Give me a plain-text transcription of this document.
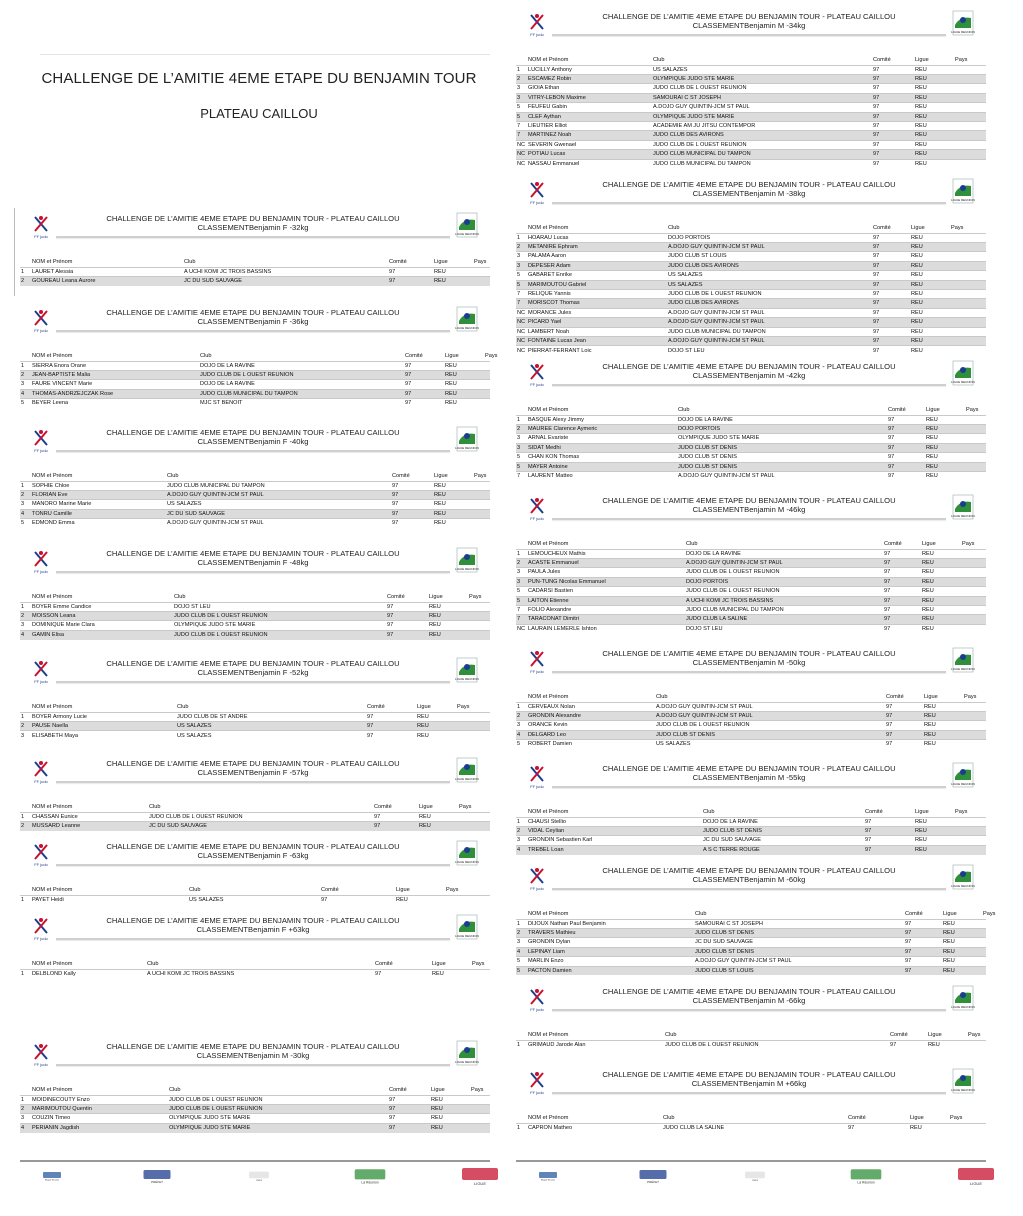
CHALLENGE DE L’AMITIE 4EME ETAPE DU BENJAMIN TOUR
PLATEAU CAILLOU
FF judo
CHALLENGE DE L’AMITIE 4EME ETAPE DU BENJAMIN TOUR - PLATEAU CAILLOU
CLASSEMENTBenjamin F -32kg
LIGUE REUNION
	NOM et Prénom	Club	Comité	Ligue	Pays
1	LAURET Alessia	A UCHI KOMI JC TROIS BASSINS	97	REU	
2	GOUREAU Leana Aurore	JC DU SUD SAUVAGE	97	REU	
FF judo
CHALLENGE DE L’AMITIE 4EME ETAPE DU BENJAMIN TOUR - PLATEAU CAILLOU
CLASSEMENTBenjamin F -36kg
LIGUE REUNION
	NOM et Prénom	Club	Comité	Ligue	Pays
1	SIERRA Enora Orane	DOJO DE LA RAVINE	97	REU	
2	JEAN-BAPTISTE Malia	JUDO CLUB DE L OUEST REUNION	97	REU	
3	FAURE VINCENT Marie	DOJO DE LA RAVINE	97	REU	
4	THOMAS-ANDRZEJCZAK Rose	JUDO CLUB MUNICIPAL DU TAMPON	97	REU	
5	BEYER Leena	MJC ST BENOIT	97	REU	
FF judo
CHALLENGE DE L’AMITIE 4EME ETAPE DU BENJAMIN TOUR - PLATEAU CAILLOU
CLASSEMENTBenjamin F -40kg
LIGUE REUNION
	NOM et Prénom	Club	Comité	Ligue	Pays
1	SOPHIE Chloe	JUDO CLUB MUNICIPAL DU TAMPON	97	REU	
2	FLORIAN Eve	A.DOJO GUY QUINTIN-JCM ST PAUL	97	REU	
3	MANORO Marine Marie	US SALAZES	97	REU	
4	TONRU Camille	JC DU SUD SAUVAGE	97	REU	
5	EDMOND Emma	A.DOJO GUY QUINTIN-JCM ST PAUL	97	REU	
FF judo
CHALLENGE DE L’AMITIE 4EME ETAPE DU BENJAMIN TOUR - PLATEAU CAILLOU
CLASSEMENTBenjamin F -48kg
LIGUE REUNION
	NOM et Prénom	Club	Comité	Ligue	Pays
1	BOYER Emme Candice	DOJO ST LEU	97	REU	
2	MOISSON Leana	JUDO CLUB DE L OUEST REUNION	97	REU	
3	DOMINIQUE Marie Clara	OLYMPIQUE JUDO STE MARIE	97	REU	
4	GAMIN Elisa	JUDO CLUB DE L OUEST REUNION	97	REU	
FF judo
CHALLENGE DE L’AMITIE 4EME ETAPE DU BENJAMIN TOUR - PLATEAU CAILLOU
CLASSEMENTBenjamin F -52kg
LIGUE REUNION
	NOM et Prénom	Club	Comité	Ligue	Pays
1	BOYER Armony Lucie	JUDO CLUB DE ST ANDRE	97	REU	
2	PAUSE Naella	US SALAZES	97	REU	
3	ELISABETH Maya	US SALAZES	97	REU	
FF judo
CHALLENGE DE L’AMITIE 4EME ETAPE DU BENJAMIN TOUR - PLATEAU CAILLOU
CLASSEMENTBenjamin F -57kg
LIGUE REUNION
	NOM et Prénom	Club	Comité	Ligue	Pays
1	CHASSAN Eunice	JUDO CLUB DE L OUEST REUNION	97	REU	
2	MUSSARD Leanne	JC DU SUD SAUVAGE	97	REU	
FF judo
CHALLENGE DE L’AMITIE 4EME ETAPE DU BENJAMIN TOUR - PLATEAU CAILLOU
CLASSEMENTBenjamin F -63kg
LIGUE REUNION
	NOM et Prénom	Club	Comité	Ligue	Pays
1	PAYET Heidi	US SALAZES	97	REU	
FF judo
CHALLENGE DE L’AMITIE 4EME ETAPE DU BENJAMIN TOUR - PLATEAU CAILLOU
CLASSEMENTBenjamin F +63kg
LIGUE REUNION
	NOM et Prénom	Club	Comité	Ligue	Pays
1	DELBLOND Kally	A UCHI KOMI JC TROIS BASSINS	97	REU	
FF judo
CHALLENGE DE L’AMITIE 4EME ETAPE DU BENJAMIN TOUR - PLATEAU CAILLOU
CLASSEMENTBenjamin M -30kg
LIGUE REUNION
	NOM et Prénom	Club	Comité	Ligue	Pays
1	MOIDINECOUTY Enzo	JUDO CLUB DE L OUEST REUNION	97	REU	
2	MARIMOUTOU Quentin	JUDO CLUB DE L OUEST REUNION	97	REU	
3	COUZIN Timeo	OLYMPIQUE JUDO STE MARIE	97	REU	
4	PERIANIN Jagdish	OLYMPIQUE JUDO STE MARIE	97	REU	
Région Réunion	PRÉFET	CNDS	La Réunion	LIGUE
FF judo
CHALLENGE DE L’AMITIE 4EME ETAPE DU BENJAMIN TOUR - PLATEAU CAILLOU
CLASSEMENTBenjamin M -34kg
LIGUE REUNION
	NOM et Prénom	Club	Comité	Ligue	Pays
1	LUCILLY Anthony	US SALAZES	97	REU	
2	ESCAMEZ Robin	OLYMPIQUE JUDO STE MARIE	97	REU	
3	GIOIA Ethan	JUDO CLUB DE L OUEST REUNION	97	REU	
3	VITRY-LEBON Maxime	SAMOURAI C ST JOSEPH	97	REU	
5	FEUFEU Gabin	A.DOJO GUY QUINTIN-JCM ST PAUL	97	REU	
5	CLEF Aythan	OLYMPIQUE JUDO STE MARIE	97	REU	
7	LIEUTIER Elliot	ACADEMIE AM JU JITSU CONTEMPOR	97	REU	
7	MARTINEZ Noah	JUDO CLUB DES AVIRONS	97	REU	
NC	SEVERIN Gwenael	JUDO CLUB DE L OUEST REUNION	97	REU	
NC	POTIAU Lucas	JUDO CLUB MUNICIPAL DU TAMPON	97	REU	
NC	NASSAU Emmanuel	JUDO CLUB MUNICIPAL DU TAMPON	97	REU	
FF judo
CHALLENGE DE L’AMITIE 4EME ETAPE DU BENJAMIN TOUR - PLATEAU CAILLOU
CLASSEMENTBenjamin M -38kg
LIGUE REUNION
	NOM et Prénom	Club	Comité	Ligue	Pays
1	HOARAU Lucas	DOJO PORTOIS	97	REU	
2	METANIRE Ephram	A.DOJO GUY QUINTIN-JCM ST PAUL	97	REU	
3	PALAMA Aaron	JUDO CLUB ST LOUIS	97	REU	
3	DEPESER Adam	JUDO CLUB DES AVIRONS	97	REU	
5	GABARET Enrike	US SALAZES	97	REU	
5	MARIMOUTOU Gabriel	US SALAZES	97	REU	
7	RELIQUE Yannis	JUDO CLUB DE L OUEST REUNION	97	REU	
7	MORISCOT Thomas	JUDO CLUB DES AVIRONS	97	REU	
NC	MORANCE Jules	A.DOJO GUY QUINTIN-JCM ST PAUL	97	REU	
NC	PICARD Yael	A.DOJO GUY QUINTIN-JCM ST PAUL	97	REU	
NC	LAMBERT Noah	JUDO CLUB MUNICIPAL DU TAMPON	97	REU	
NC	FONTAINE Lucas Jean	A.DOJO GUY QUINTIN-JCM ST PAUL	97	REU	
NC	PIERRAT-FERRANT Loic	DOJO ST LEU	97	REU	
FF judo
CHALLENGE DE L’AMITIE 4EME ETAPE DU BENJAMIN TOUR - PLATEAU CAILLOU
CLASSEMENTBenjamin M -42kg
LIGUE REUNION
	NOM et Prénom	Club	Comité	Ligue	Pays
1	BASQUE Alexy Jimmy	DOJO DE LA RAVINE	97	REU	
2	MAUREE Clarence Aymeric	DOJO PORTOIS	97	REU	
3	ARNAL Evariste	OLYMPIQUE JUDO STE MARIE	97	REU	
3	SIDAT Medhi	JUDO CLUB ST DENIS	97	REU	
5	CHAN KON Thomas	JUDO CLUB ST DENIS	97	REU	
5	MAYER Antoine	JUDO CLUB ST DENIS	97	REU	
7	LAURENT Matteo	A.DOJO GUY QUINTIN-JCM ST PAUL	97	REU	
FF judo
CHALLENGE DE L’AMITIE 4EME ETAPE DU BENJAMIN TOUR - PLATEAU CAILLOU
CLASSEMENTBenjamin M -46kg
LIGUE REUNION
	NOM et Prénom	Club	Comité	Ligue	Pays
1	LEMOUCHEUX Mathis	DOJO DE LA RAVINE	97	REU	
2	ACASTE Emmanuel	A.DOJO GUY QUINTIN-JCM ST PAUL	97	REU	
3	PAULA Jules	JUDO CLUB DE L OUEST REUNION	97	REU	
3	PUN-TUNG Nicolas Emmanuel	DOJO PORTOIS	97	REU	
5	CADARSI Bastien	JUDO CLUB DE L OUEST REUNION	97	REU	
5	LAITON Etienne	A UCHI KOMI JC TROIS BASSINS	97	REU	
7	FOLIO Alexandre	JUDO CLUB MUNICIPAL DU TAMPON	97	REU	
7	TARACONAT Dimitri	JUDO CLUB LA SALINE	97	REU	
NC	LAURAIN LEMERLE Ishton	DOJO ST LEU	97	REU	
FF judo
CHALLENGE DE L’AMITIE 4EME ETAPE DU BENJAMIN TOUR - PLATEAU CAILLOU
CLASSEMENTBenjamin M -50kg
LIGUE REUNION
	NOM et Prénom	Club	Comité	Ligue	Pays
1	CERVEAUX Nolan	A.DOJO GUY QUINTIN-JCM ST PAUL	97	REU	
2	GRONDIN Alexandre	A.DOJO GUY QUINTIN-JCM ST PAUL	97	REU	
3	ORANCE Kevin	JUDO CLUB DE L OUEST REUNION	97	REU	
4	DELGARD Leo	JUDO CLUB ST DENIS	97	REU	
5	ROBERT Damien	US SALAZES	97	REU	
FF judo
CHALLENGE DE L’AMITIE 4EME ETAPE DU BENJAMIN TOUR - PLATEAU CAILLOU
CLASSEMENTBenjamin M -55kg
LIGUE REUNION
	NOM et Prénom	Club	Comité	Ligue	Pays
1	CHAUSI Stellio	DOJO DE LA RAVINE	97	REU	
2	VIDAL Ceylian	JUDO CLUB ST DENIS	97	REU	
3	GRONDIN Sebastien Karl	JC DU SUD SAUVAGE	97	REU	
4	TREBEL Loan	A S C TERRE ROUGE	97	REU	
FF judo
CHALLENGE DE L’AMITIE 4EME ETAPE DU BENJAMIN TOUR - PLATEAU CAILLOU
CLASSEMENTBenjamin M -60kg
LIGUE REUNION
	NOM et Prénom	Club	Comité	Ligue	Pays
1	DIJOUX Nathan Paul Benjamin	SAMOURAI C ST JOSEPH	97	REU	
2	TRAVERS Mathieu	JUDO CLUB ST DENIS	97	REU	
3	GRONDIN Dylan	JC DU SUD SAUVAGE	97	REU	
4	LEPINAY Liam	JUDO CLUB ST DENIS	97	REU	
5	MARLIN Enzo	A.DOJO GUY QUINTIN-JCM ST PAUL	97	REU	
5	PACTON Damien	JUDO CLUB ST LOUIS	97	REU	
FF judo
CHALLENGE DE L’AMITIE 4EME ETAPE DU BENJAMIN TOUR - PLATEAU CAILLOU
CLASSEMENTBenjamin M -66kg
LIGUE REUNION
	NOM et Prénom	Club	Comité	Ligue	Pays
1	GRIMAUD Jarode Alan	JUDO CLUB DE L OUEST REUNION	97	REU	
FF judo
CHALLENGE DE L’AMITIE 4EME ETAPE DU BENJAMIN TOUR - PLATEAU CAILLOU
CLASSEMENTBenjamin M +66kg
LIGUE REUNION
	NOM et Prénom	Club	Comité	Ligue	Pays
1	CAPRON Matheo	JUDO CLUB LA SALINE	97	REU	
Région Réunion	PRÉFET	CNDS	La Réunion	LIGUE
